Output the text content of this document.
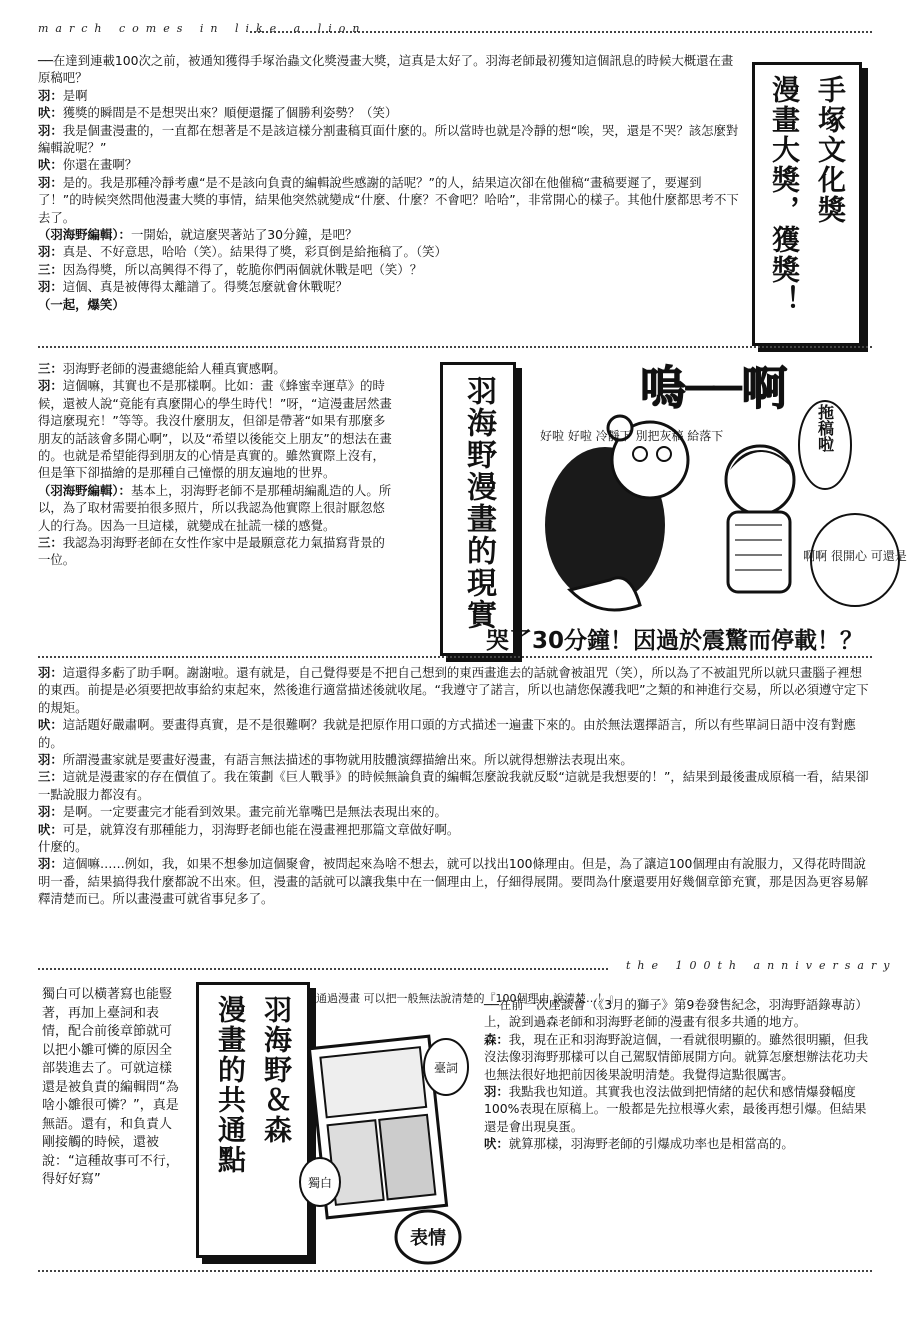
march comes in like a lion

──在達到連載100次之前，被通知獲得手塚治蟲文化獎漫畫大獎，這真是太好了。羽海老師最初獲知這個訊息的時候大概還在畫原稿吧？

羽：是啊

吠：獲獎的瞬間是不是想哭出來？順便還擺了個勝利姿勢？（笑）

羽：我是個畫漫畫的，一直都在想著是不是該這樣分割畫稿頁面什麼的。所以當時也就是冷靜的想“唉，哭，還是不哭？該怎麼對編輯說呢？”

吠：你還在畫啊？

羽：是的。我是那種冷靜考慮“是不是該向負責的編輯說些感謝的話呢？”的人，結果這次卻在他催稿“畫稿要遲了，要遲到了！”的時候突然問他漫畫大獎的事情，結果他突然就變成“什麼、什麼？不會吧？哈哈”，非常開心的樣子。其他什麼都思考不下去了。

（羽海野編輯）：一開始，就這麼哭著站了30分鐘，是吧？

羽：真是、不好意思，哈哈（笑）。結果得了獎，彩頁倒是給拖稿了。（笑）

三：因為得獎，所以高興得不得了，乾脆你們兩個就休戰是吧（笑）？

羽：這個、真是被傳得太離譜了。得獎怎麼就會休戰呢？

（一起，爆笑）

手塚文化獎
漫畫大獎，獲獎！

三：羽海野老師的漫畫總能給人種真實感啊。

羽：這個嘛，其實也不是那樣啊。比如：畫《蜂蜜幸運草》的時候，還被人說“竟能有真麼開心的學生時代！”呀，“這漫畫居然畫得這麼現充！”等等。我沒什麼朋友，但卻是帶著“如果有那麼多朋友的話該會多開心啊”，以及“希望以後能交上朋友”的想法在畫的。也就是希望能得到朋友的心情是真實的。雖然實際上沒有，但是筆下卻描繪的是那種自己憧憬的朋友遍地的世界。

（羽海野編輯）：基本上，羽海野老師不是那種胡編亂造的人。所以，為了取材需要拍很多照片，所以我認為他實際上很討厭忽悠人的行為。因為一旦這樣，就變成在扯謊一樣的感覺。

三：我認為羽海野老師在女性作家中是最願意花力氣描寫背景的一位。	羽海野漫畫的現實	嗚──啊
好啦 好啦 冷靜下 別把灰稿 給落下	拖稿啦
啊啊 很開心 可還是
哭了30分鐘！因過於震驚而停載！？

羽：這還得多虧了助手啊。謝謝啦。還有就是，自己覺得要是不把自己想到的東西畫進去的話就會被詛咒（笑），所以為了不被詛咒所以就只畫腦子裡想的東西。前提是必須要把故事給約束起來，然後進行適當描述後就收尾。“我遵守了諾言，所以也請您保護我吧”之類的和神進行交易，所以必須遵守定下的規矩。

吠：這話題好嚴肅啊。要畫得真實，是不是很難啊？我就是把原作用口頭的方式描述一遍畫下來的。由於無法選擇語言，所以有些單詞日語中沒有對應的。

羽：所謂漫畫家就是要畫好漫畫，有語言無法描述的事物就用肢體演繹描繪出來。所以就得想辦法表現出來。

三：這就是漫畫家的存在價值了。我在策劃《巨人戰爭》的時候無論負責的編輯怎麼說我就反駁“這就是我想要的！”，結果到最後畫成原稿一看，結果卻一點說服力都沒有。

羽：是啊。一定要畫完才能看到效果。畫完前光靠嘴巴是無法表現出來的。

吠：可是，就算沒有那種能力，羽海野老師也能在漫畫裡把那篇文章做好啊。

什麼的。

羽：這個嘛……例如，我，如果不想參加這個聚會，被問起來為啥不想去，就可以找出100條理由。但是，為了讓這100個理由有說服力，又得花時間說明一番，結果搞得我什麼都說不出來。但，漫畫的話就可以讓我集中在一個理由上，仔細得展開。要問為什麼還要用好幾個章節充實，那是因為更容易解釋清楚而已。所以畫漫畫可就省事兒多了。

the 100th anniversary

獨白可以橫著寫也能豎著，再加上臺詞和表情，配合前後章節就可以把小雛可憐的原因全部裝進去了。可就這樣還是被負責的編輯問“為啥小雛很可憐？”，真是無語。還有，和負責人剛接觸的時候，還被說：“這種故事可不行，得好好寫”

羽海野＆森
漫畫的共通點	通過漫畫 可以把一般無法說清楚的『100個理由 說清楚…！』
臺詞
獨白
表情

──在前一次座談會（《3月的獅子》第9卷發售紀念，羽海野語錄專訪）上，說到過森老師和羽海野老師的漫畫有很多共通的地方。

森：我，現在正和羽海野說這個，一看就很明顯的。雖然很明顯，但我沒法像羽海野那樣可以自己駕馭情節展開方向。就算怎麼想辦法花功夫也無法很好地把前因後果說明清楚。我覺得這點很厲害。

羽：我點我也知道。其實我也沒法做到把情緒的起伏和感情爆發幅度100%表現在原稿上。一般都是先拉根導火索，最後再想引爆。但結果還是會出現臭蛋。

吠：就算那樣，羽海野老師的引爆成功率也是相當高的。
